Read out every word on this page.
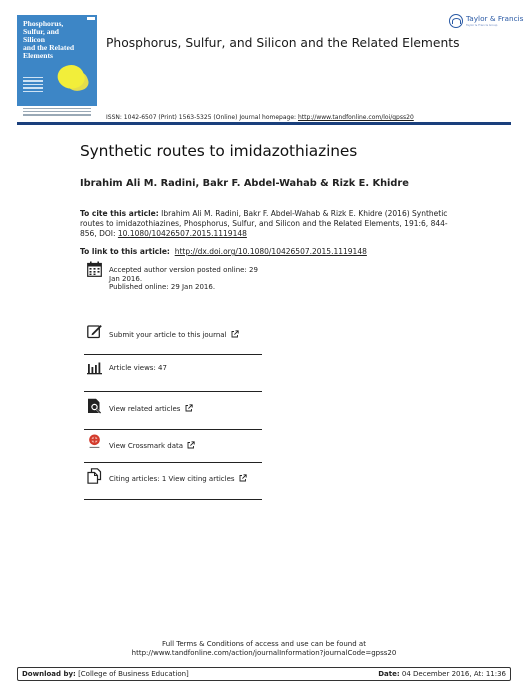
Phosphorus,
Sulfur, and
Silicon
and the Related Elements
Phosphorus, Sulfur, and Silicon and the Related Elements
Taylor & Francis
Taylor & Francis Group
ISSN: 1042-6507 (Print) 1563-5325 (Online) Journal homepage: http://www.tandfonline.com/loi/gpss20
Synthetic routes to imidazothiazines
Ibrahim Ali M. Radini, Bakr F. Abdel-Wahab & Rizk E. Khidre
To cite this article: Ibrahim Ali M. Radini, Bakr F. Abdel-Wahab & Rizk E. Khidre (2016) Synthetic routes to imidazothiazines, Phosphorus, Sulfur, and Silicon and the Related Elements, 191:6, 844-856, DOI: 10.1080/10426507.2015.1119148
To link to this article: http://dx.doi.org/10.1080/10426507.2015.1119148
Accepted author version posted online: 29 Jan 2016.
Published online: 29 Jan 2016.
Submit your article to this journal
Article views: 47
View related articles
View Crossmark data
Citing articles: 1 View citing articles
Full Terms & Conditions of access and use can be found at
http://www.tandfonline.com/action/journalInformation?journalCode=gpss20
Download by: [College of Business Education]	Date: 04 December 2016, At: 11:36
